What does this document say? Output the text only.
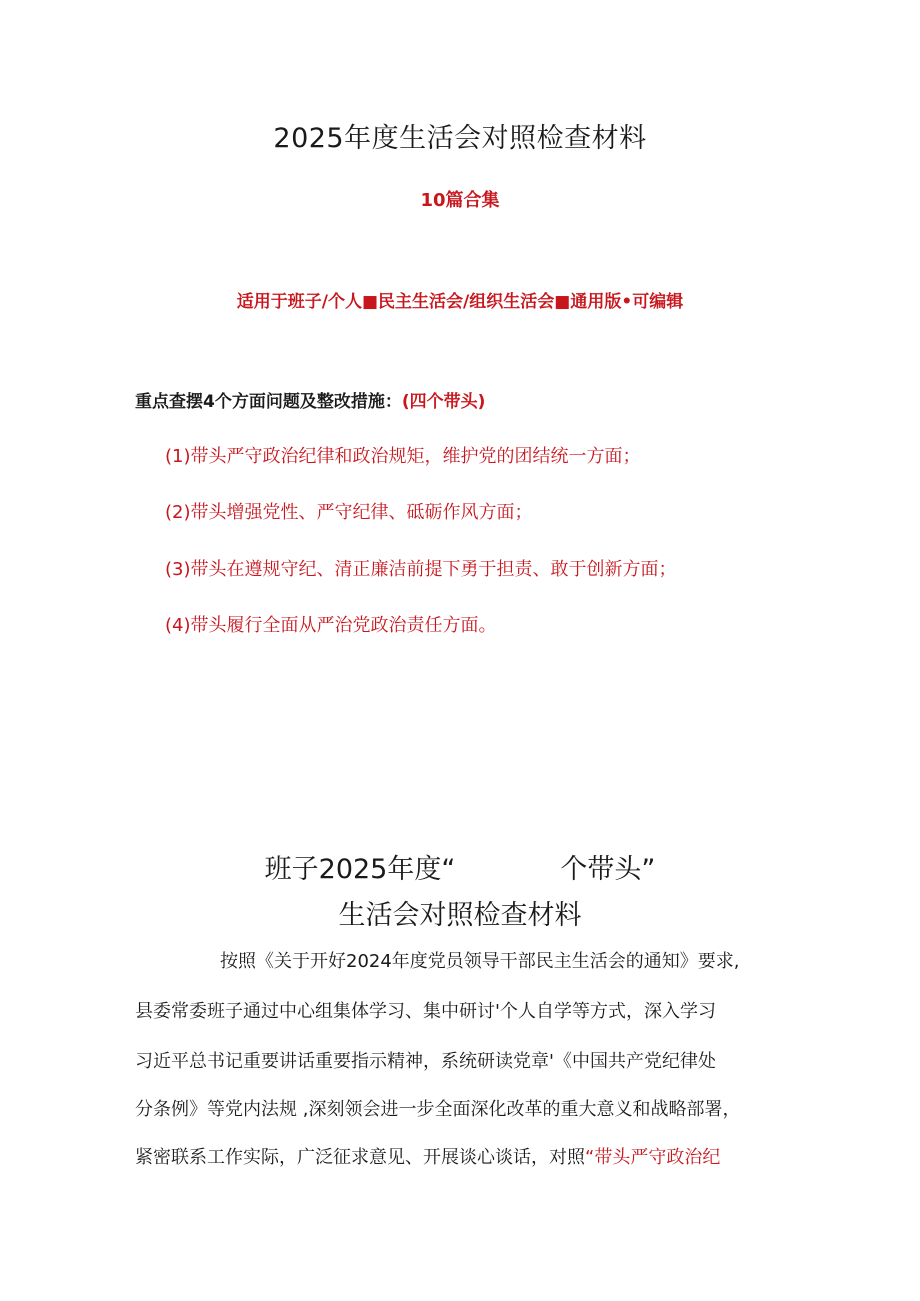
2025年度生活会对照检查材料
10篇合集
适用于班子/个人■民主生活会/组织生活会■通用版•可编辑
重点查摆4个方面问题及整改措施：(四个带头)
(1)带头严守政治纪律和政治规矩，维护党的团结统一方面；
(2)带头增强党性、严守纪律、砥砺作风方面；
(3)带头在遵规守纪、清正廉洁前提下勇于担责、敢于创新方面；
(4)带头履行全面从严治党政治责任方面。
班子2025年度“	个带头”
生活会对照检查材料
按照《关于开好2024年度党员领导干部民主生活会的通知》要求,
县委常委班子通过中心组集体学习、集中研讨'个人自学等方式，深入学习
习近平总书记重要讲话重要指示精神，系统研读党章'《中国共产党纪律处
分条例》等党内法规 ,深刻领会进一步全面深化改革的重大意义和战略部署，
紧密联系工作实际，广泛征求意见、开展谈心谈话，对照“带头严守政治纪
